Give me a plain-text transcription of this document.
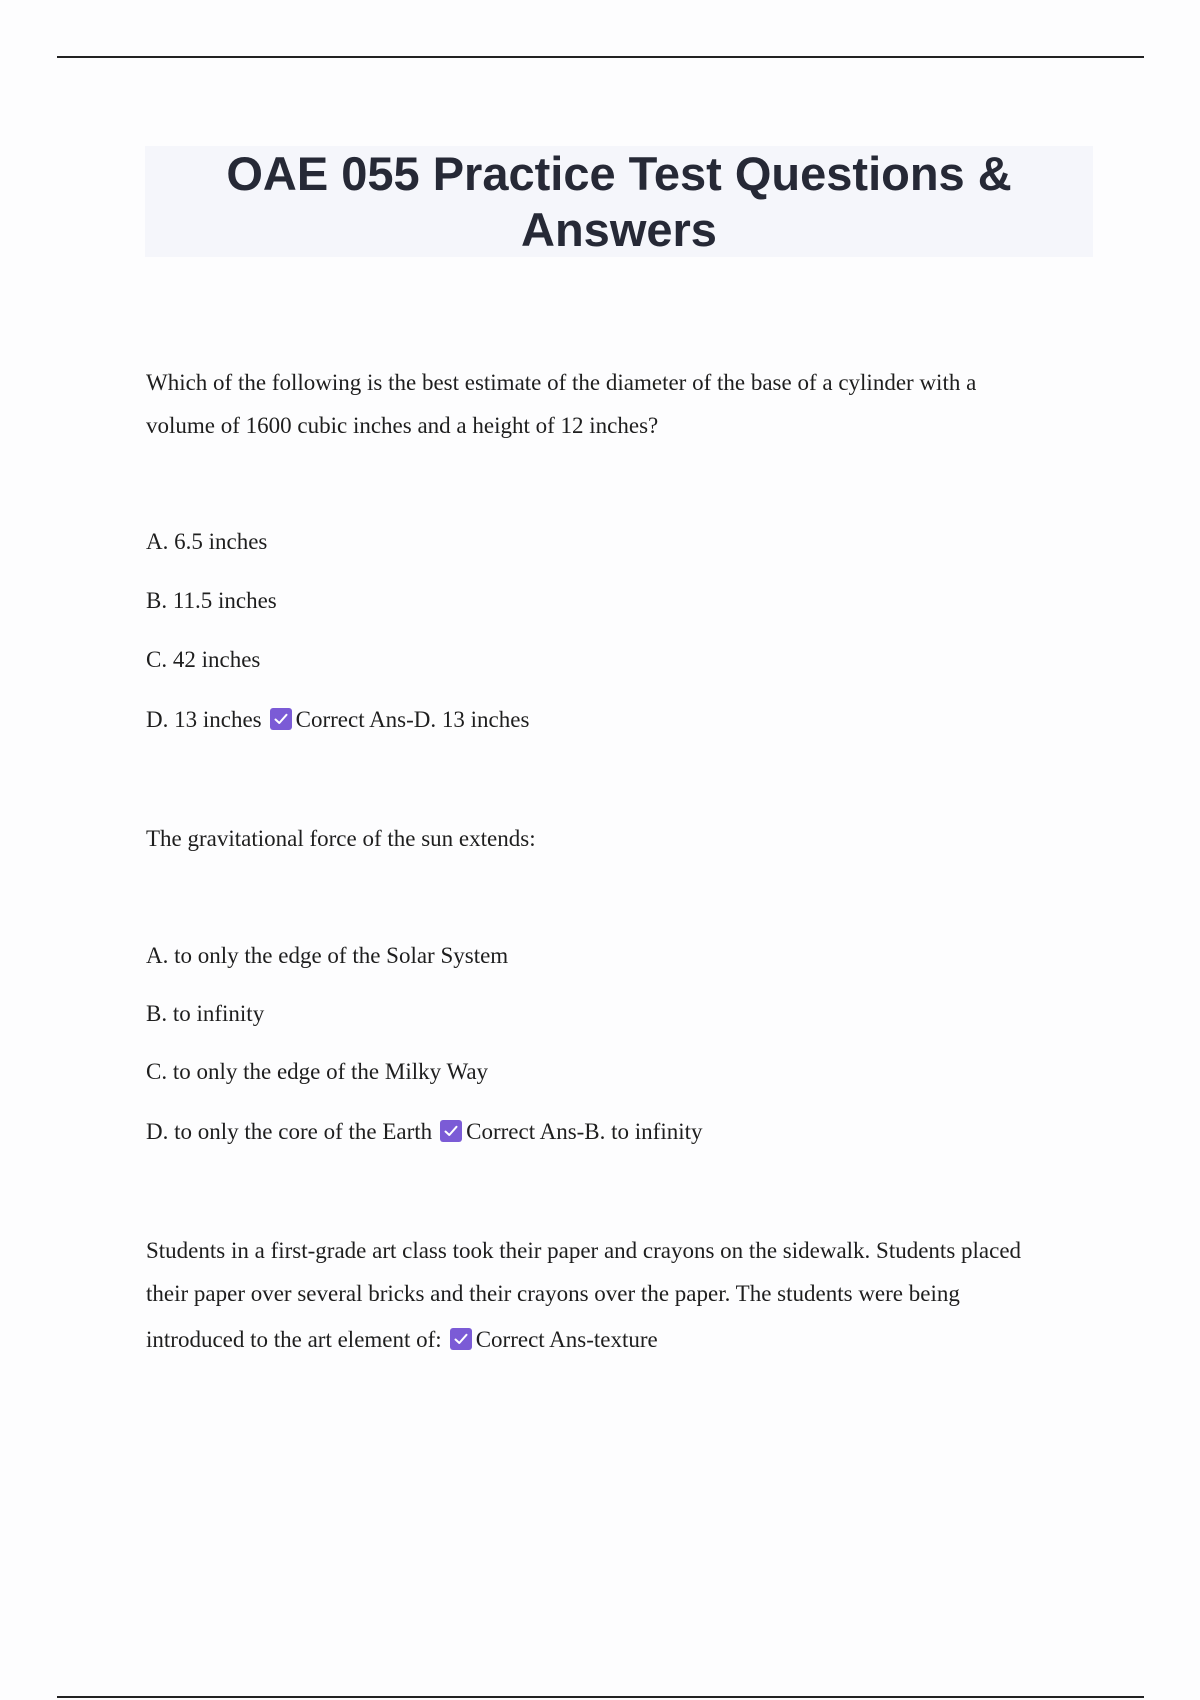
OAE 055 Practice Test Questions &
Answers
Which of the following is the best estimate of the diameter of the base of a cylinder with a
volume of 1600 cubic inches and a height of 12 inches?
A. 6.5 inches
B. 11.5 inches
C. 42 inches
D. 13 inches Correct Ans-D. 13 inches
The gravitational force of the sun extends:
A. to only the edge of the Solar System
B. to infinity
C. to only the edge of the Milky Way
D. to only the core of the Earth Correct Ans-B. to infinity
Students in a first-grade art class took their paper and crayons on the sidewalk. Students placed
their paper over several bricks and their crayons over the paper. The students were being
introduced to the art element of: Correct Ans-texture
